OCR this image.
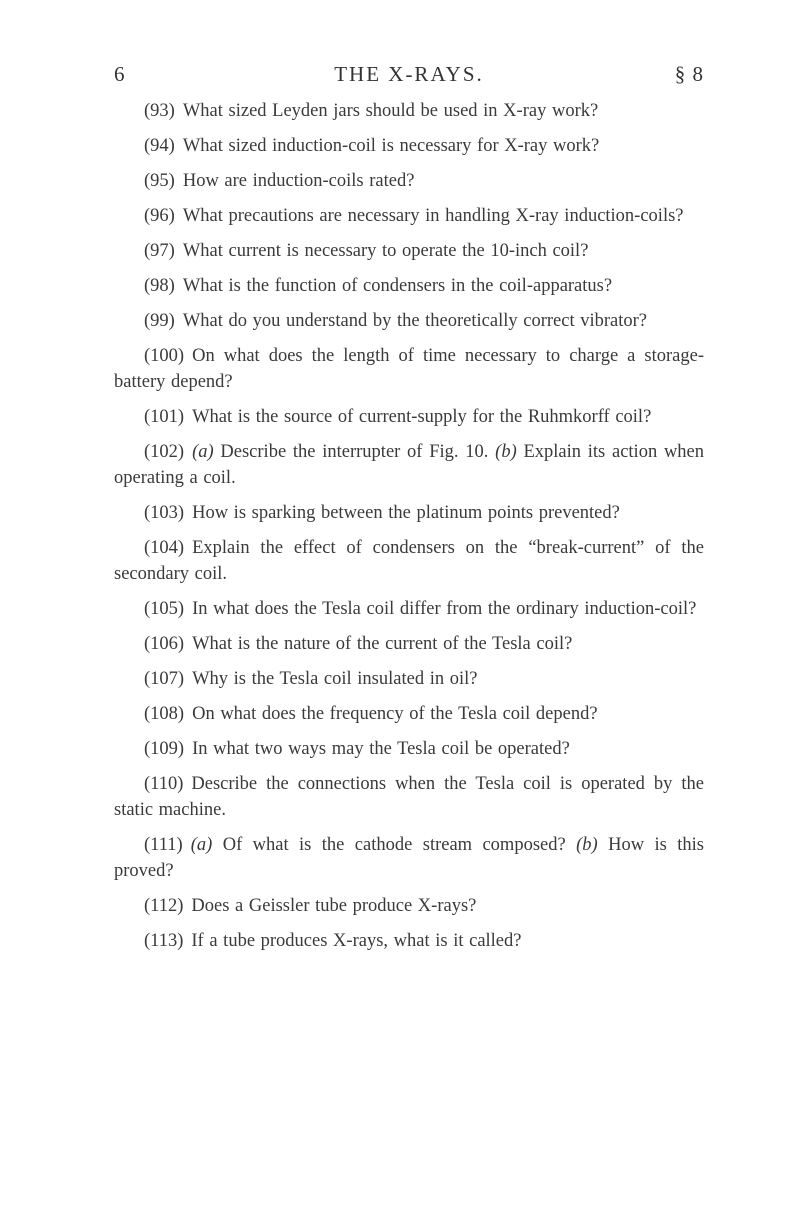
6	THE X-RAYS.	§ 8

(93) What sized Leyden jars should be used in X-ray work?

(94) What sized induction-coil is necessary for X-ray work?

(95) How are induction-coils rated?

(96) What precautions are necessary in handling X-ray induction-coils?

(97) What current is necessary to operate the 10-inch coil?

(98) What is the function of condensers in the coil-apparatus?

(99) What do you understand by the theoretically correct vibrator?

(100) On what does the length of time necessary to charge a storage-battery depend?

(101) What is the source of current-supply for the Ruhmkorff coil?

(102) (a) Describe the interrupter of Fig. 10. (b) Explain its action when operating a coil.

(103) How is sparking between the platinum points prevented?

(104) Explain the effect of condensers on the “break-current” of the secondary coil.

(105) In what does the Tesla coil differ from the ordinary induction-coil?

(106) What is the nature of the current of the Tesla coil?

(107) Why is the Tesla coil insulated in oil?

(108) On what does the frequency of the Tesla coil depend?

(109) In what two ways may the Tesla coil be operated?

(110) Describe the connections when the Tesla coil is operated by the static machine.

(111) (a) Of what is the cathode stream composed? (b) How is this proved?

(112) Does a Geissler tube produce X-rays?

(113) If a tube produces X-rays, what is it called?
